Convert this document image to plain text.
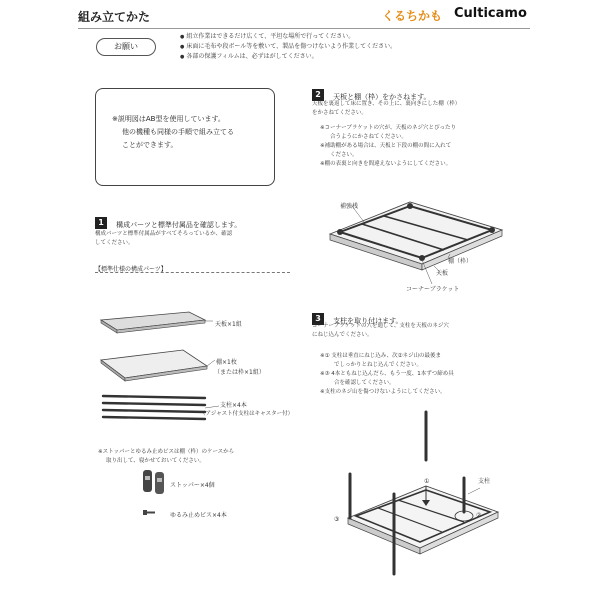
組み立てかた	くるちかも Culticamo
お願い
● 組立作業はできるだけ広くて、平坦な場所で行ってください。
● 床面に毛布や段ボール等を敷いて、製品を傷つけないよう作業してください。
● 各部の保護フィルムは、必ずはがしてください。
※説明図はAB型を使用しています。
他の機種も同様の手順で組み立てる
ことができます。
1 構成パーツと標準付属品を確認します。
構成パーツと標準付属品がすべてそろっているか、確認
してください。
【標準仕様の構成パーツ】
天板×1組
棚×1枚
（または枠×1組）
支柱×4本
（アジャスト付支柱はキャスター付）
※ストッパーとゆるみ止めビスは棚（枠）のケースから
取り出して、寝かせておいてください。
ストッパー×4個
ゆるみ止めビス×4本
2 天板と棚（枠）をかさねます。
天板を裏返して床に置き、その上に、裏向きにした棚（枠）
をかさねてください。
※コーナーブラケットの穴が、天板のネジ穴とぴったり
合うようにかさねてください。
※補助棚がある場合は、天板と下段の棚の間に入れて
ください。
※棚の表裏と向きを間違えないようにしてください。
補強桟
棚（枠）
天板
コーナーブラケット
3 支柱を取り付けます。
コーナーブラケットの穴を通して、支柱を天板のネジ穴
にねじ込んでください。
※① 支柱は垂直にねじ込み、次②ネジ山の最後ま
でしっかりとねじ込んでください。
※③ 4本ともねじ込んだら、もう一度、1本ずつ締め具
合を確認してください。
※支柱のネジ山を傷つけないようにしてください。
支柱
①
②
③
